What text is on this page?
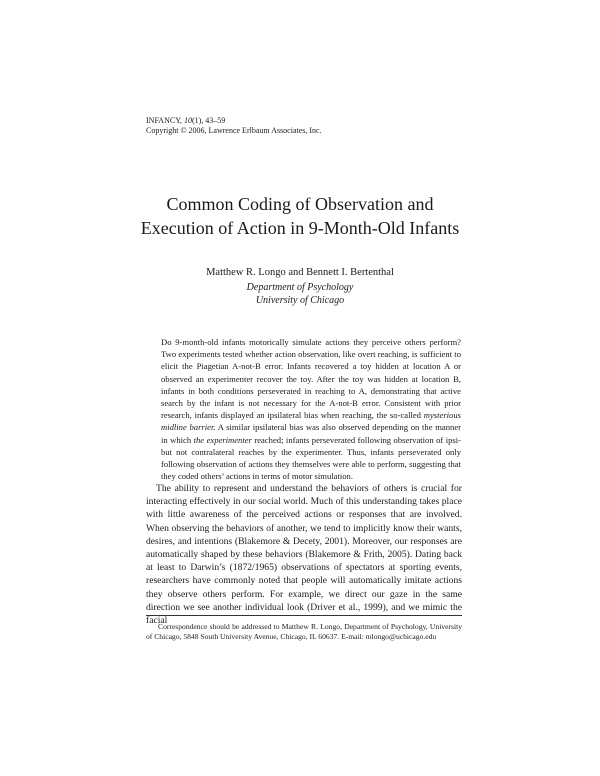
INFANCY, 10(1), 43–59
Copyright © 2006, Lawrence Erlbaum Associates, Inc.
Common Coding of Observation and
Execution of Action in 9-Month-Old Infants
Matthew R. Longo and Bennett I. Bertenthal
Department of Psychology
University of Chicago
Do 9-month-old infants motorically simulate actions they perceive others perform? Two experiments tested whether action observation, like overt reaching, is sufficient to elicit the Piagetian A-not-B error. Infants recovered a toy hidden at location A or observed an experimenter recover the toy. After the toy was hidden at location B, infants in both conditions perseverated in reaching to A, demonstrating that active search by the infant is not necessary for the A-not-B error. Consistent with prior research, infants displayed an ipsilateral bias when reaching, the so-called mysterious midline barrier. A similar ipsilateral bias was also observed depending on the manner in which the experimenter reached; infants perseverated following observation of ipsi- but not contralateral reaches by the experimenter. Thus, infants perseverated only following observation of actions they themselves were able to perform, suggesting that they coded others’ actions in terms of motor simulation.

The ability to represent and understand the behaviors of others is crucial for interacting effectively in our social world. Much of this understanding takes place with little awareness of the perceived actions or responses that are involved. When observing the behaviors of another, we tend to implicitly know their wants, desires, and intentions (Blakemore & Decety, 2001). Moreover, our responses are automatically shaped by these behaviors (Blakemore & Frith, 2005). Dating back at least to Darwin’s (1872/1965) observations of spectators at sporting events, researchers have commonly noted that people will automatically imitate actions they observe others perform. For example, we direct our gaze in the same direction we see another individual look (Driver et al., 1999), and we mimic the facial

Correspondence should be addressed to Matthew R. Longo, Department of Psychology, University of Chicago, 5848 South University Avenue, Chicago, IL 60637. E-mail: mlongo@uchicago.edu
